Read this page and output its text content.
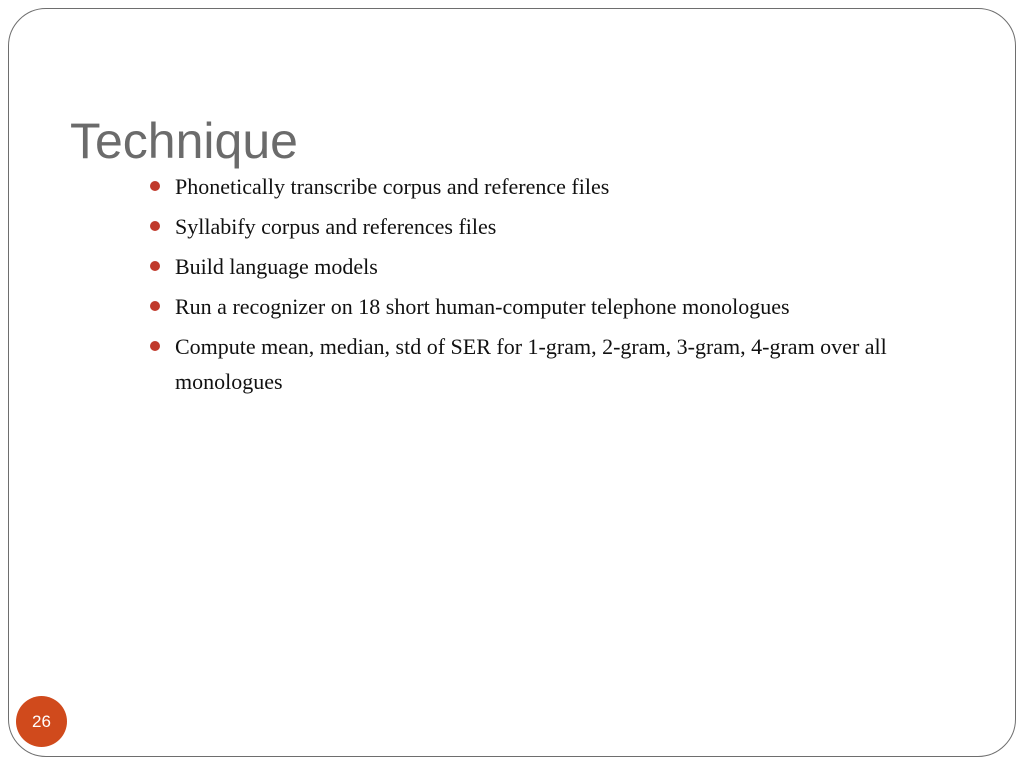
Technique
Phonetically transcribe corpus and reference files
Syllabify corpus and references files
Build language models
Run a recognizer on 18 short human-computer telephone monologues
Compute mean, median, std of SER for 1-gram, 2-gram, 3-gram, 4-gram over all monologues
26
